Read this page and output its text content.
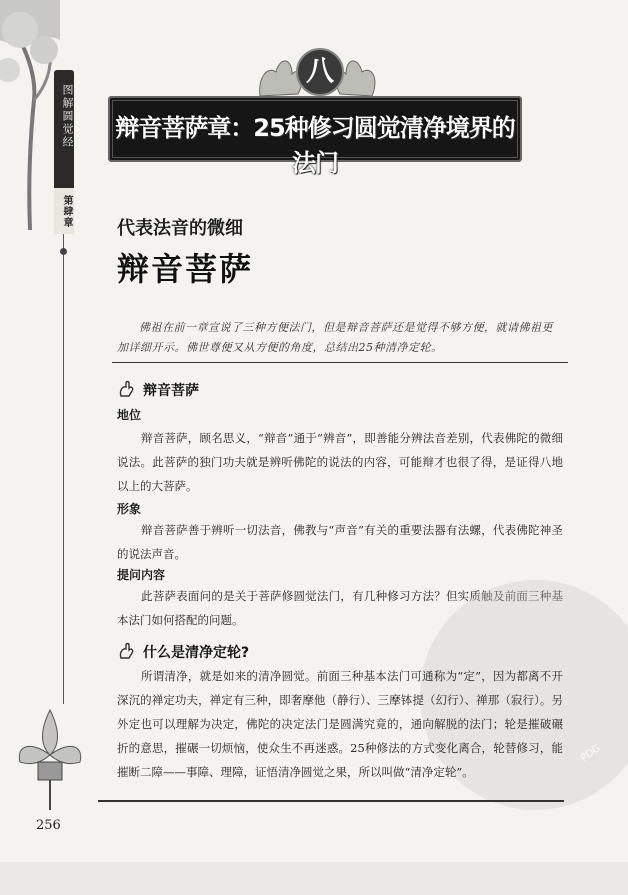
图解圆觉经
第肆章
八
辩音菩萨章：25种修习圆觉清净境界的法门
代表法音的微细
辩音菩萨
佛祖在前一章宣说了三种方便法门，但是辩音菩萨还是觉得不够方便，就请佛祖更加详细开示。佛世尊便又从方便的角度，总结出25种清净定轮。
辩音菩萨
地位
辩音菩萨，顾名思义，“辩音”通于“辨音”，即善能分辨法音差别，代表佛陀的微细说法。此菩萨的独门功夫就是辨听佛陀的说法的内容，可能辩才也很了得，是证得八地以上的大菩萨。
形象
辩音菩萨善于辨听一切法音，佛教与“声音”有关的重要法器有法螺，代表佛陀神圣的说法声音。
提问内容
此菩萨表面问的是关于菩萨修圆觉法门，有几种修习方法？但实质触及前面三种基本法门如何搭配的问题。
什么是清净定轮?
所谓清净，就是如来的清净圆觉。前面三种基本法门可通称为“定”，因为都离不开深沉的禅定功夫，禅定有三种，即奢摩他（静行）、三摩钵提（幻行）、禅那（寂行）。另外定也可以理解为决定，佛陀的决定法门是圆满究竟的，通向解脱的法门；轮是摧破碾折的意思，摧碾一切烦恼，使众生不再迷惑。25种修法的方式变化离合，轮替修习，能摧断二障——事障、理障，证悟清净圆觉之果，所以叫做“清净定轮”。
256
PDG
